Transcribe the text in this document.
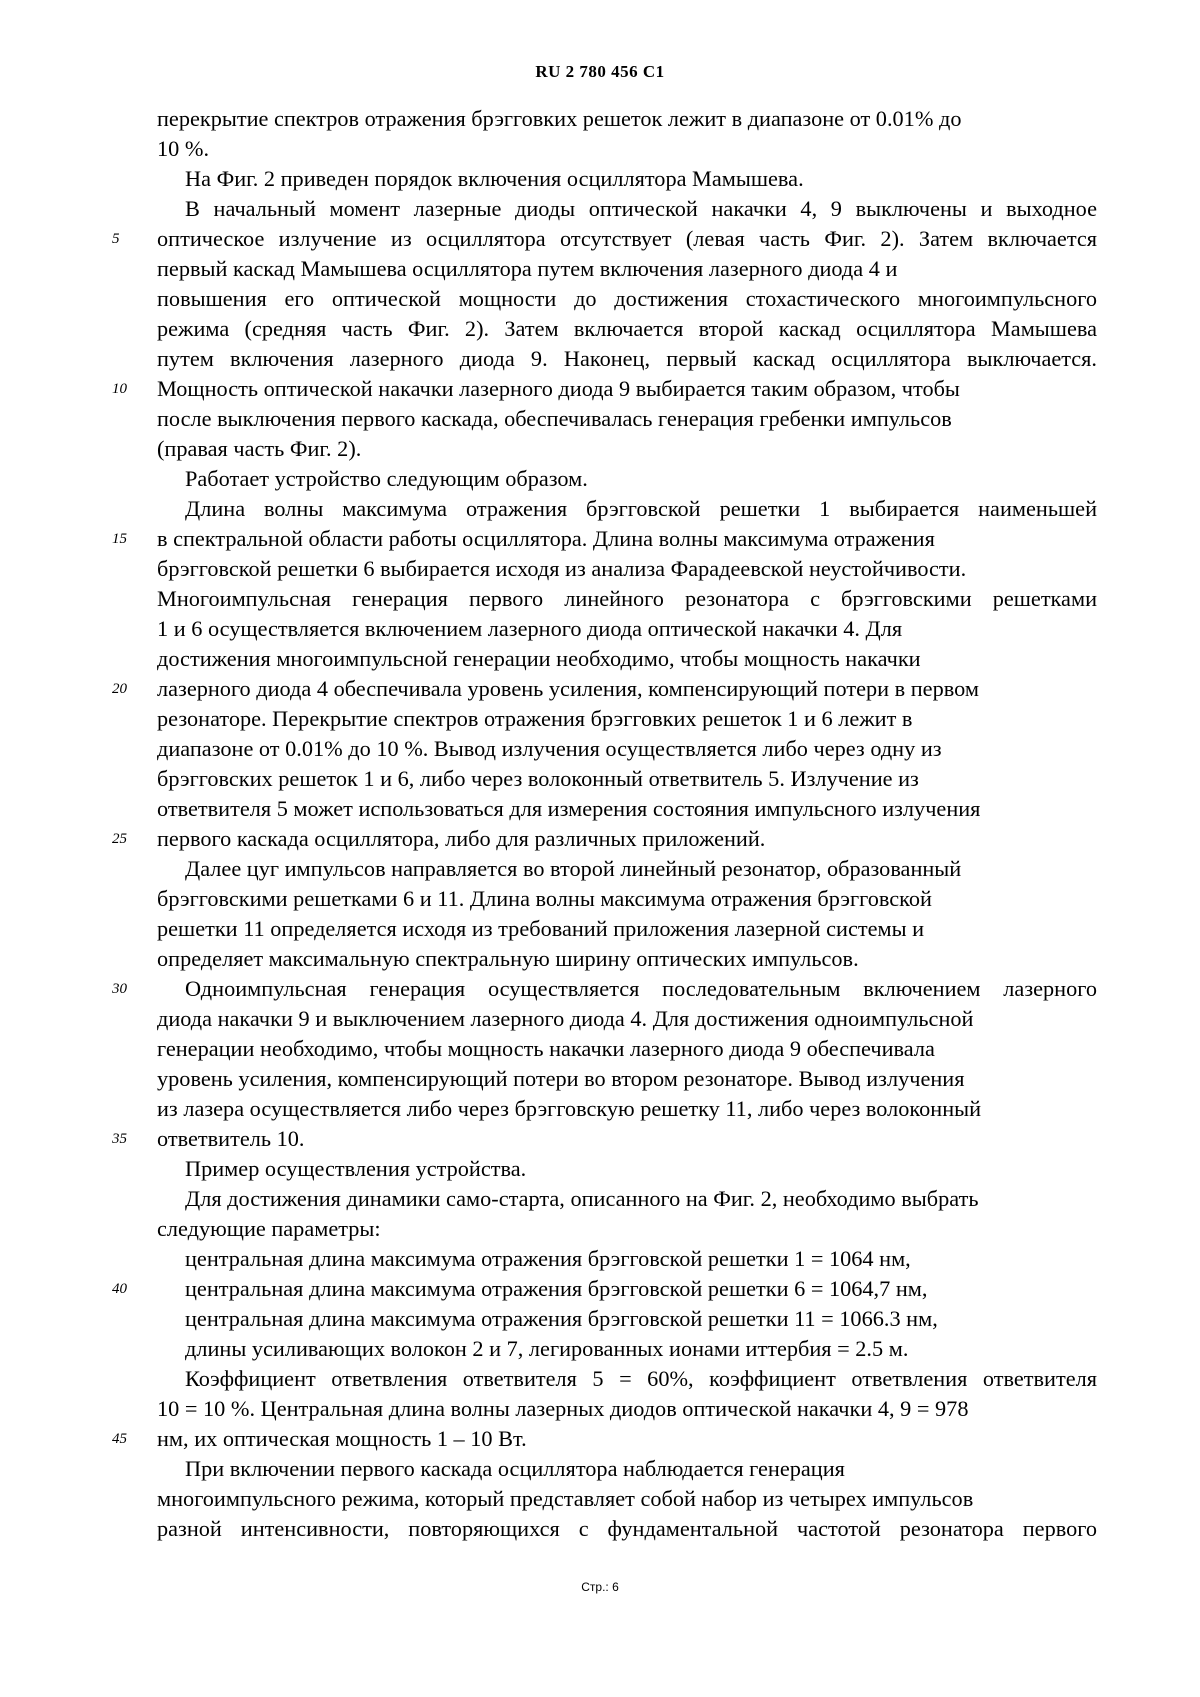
RU 2 780 456 C1
перекрытие спектров отражения брэгговких решеток лежит в диапазоне от 0.01% до
10 %.
На Фиг. 2 приведен порядок включения осциллятора Мамышева.
В начальный момент лазерные диоды оптической накачки 4, 9 выключены и выходное
оптическое излучение из осциллятора отсутствует (левая часть Фиг. 2). Затем включается
первый каскад Мамышева осциллятора путем включения лазерного диода 4 и
повышения его оптической мощности до достижения стохастического многоимпульсного
режима (средняя часть Фиг. 2). Затем включается второй каскад осциллятора Мамышева
путем включения лазерного диода 9. Наконец, первый каскад осциллятора выключается.
Мощность оптической накачки лазерного диода 9 выбирается таким образом, чтобы
после выключения первого каскада, обеспечивалась генерация гребенки импульсов
(правая часть Фиг. 2).
Работает устройство следующим образом.
Длина волны максимума отражения брэгговской решетки 1 выбирается наименьшей
в спектральной области работы осциллятора. Длина волны максимума отражения
брэгговской решетки 6 выбирается исходя из анализа Фарадеевской неустойчивости.
Многоимпульсная генерация первого линейного резонатора с брэгговскими решетками
1 и 6 осуществляется включением лазерного диода оптической накачки 4. Для
достижения многоимпульсной генерации необходимо, чтобы мощность накачки
лазерного диода 4 обеспечивала уровень усиления, компенсирующий потери в первом
резонаторе. Перекрытие спектров отражения брэгговких решеток 1 и 6 лежит в
диапазоне от 0.01% до 10 %. Вывод излучения осуществляется либо через одну из
брэгговских решеток 1 и 6, либо через волоконный ответвитель 5. Излучение из
ответвителя 5 может использоваться для измерения состояния импульсного излучения
первого каскада осциллятора, либо для различных приложений.
Далее цуг импульсов направляется во второй линейный резонатор, образованный
брэгговскими решетками 6 и 11. Длина волны максимума отражения брэгговской
решетки 11 определяется исходя из требований приложения лазерной системы и
определяет максимальную спектральную ширину оптических импульсов.
Одноимпульсная генерация осуществляется последовательным включением лазерного
диода накачки 9 и выключением лазерного диода 4. Для достижения одноимпульсной
генерации необходимо, чтобы мощность накачки лазерного диода 9 обеспечивала
уровень усиления, компенсирующий потери во втором резонаторе. Вывод излучения
из лазера осуществляется либо через брэгговскую решетку 11, либо через волоконный
ответвитель 10.
Пример осуществления устройства.
Для достижения динамики само-старта, описанного на Фиг. 2, необходимо выбрать
следующие параметры:
центральная длина максимума отражения брэгговской решетки 1 = 1064 нм,
центральная длина максимума отражения брэгговской решетки 6 = 1064,7 нм,
центральная длина максимума отражения брэгговской решетки 11 = 1066.3 нм,
длины усиливающих волокон 2 и 7, легированных ионами иттербия = 2.5 м.
Коэффициент ответвления ответвителя 5 = 60%, коэффициент ответвления ответвителя
10 = 10 %. Центральная длина волны лазерных диодов оптической накачки 4, 9 = 978
нм, их оптическая мощность 1 – 10 Вт.
При включении первого каскада осциллятора наблюдается генерация
многоимпульсного режима, который представляет собой набор из четырех импульсов
разной интенсивности, повторяющихся с фундаментальной частотой резонатора первого
5
10
15
20
25
30
35
40
45
Стр.: 6
